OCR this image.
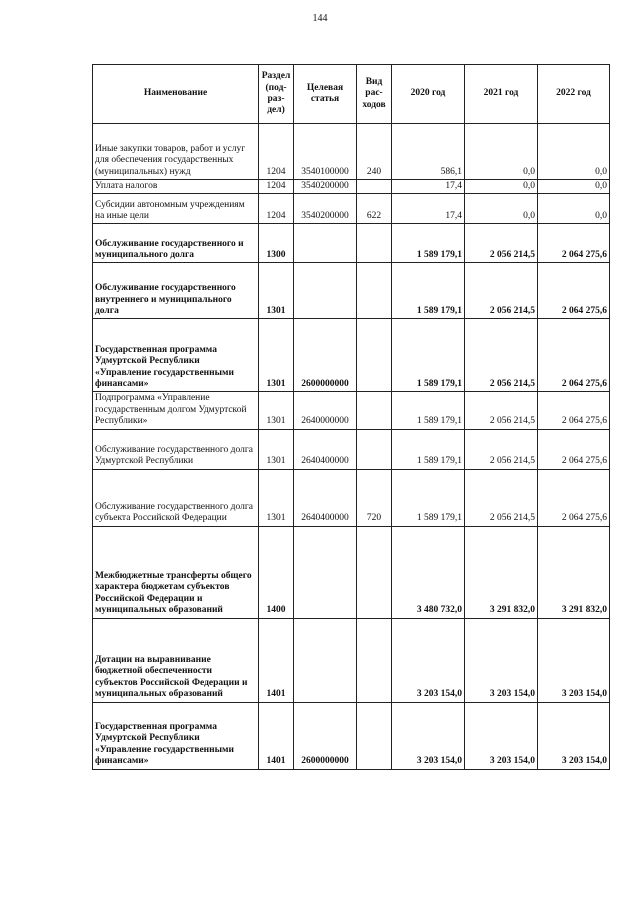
144
Наименование	Раздел (под- раз- дел)	Целевая статья	Вид рас- ходов	2020 год	2021 год	2022 год
Иные закупки товаров, работ и услуг для обеспечения государственных (муниципальных) нужд	1204	3540100000	240	586,1	0,0	0,0
Уплата налогов	1204	3540200000		17,4	0,0	0,0
Субсидии автономным учреждениям на иные цели	1204	3540200000	622	17,4	0,0	0,0
Обслуживание государственного и муниципального долга	1300			1 589 179,1	2 056 214,5	2 064 275,6
Обслуживание государственного внутреннего и муниципального долга	1301			1 589 179,1	2 056 214,5	2 064 275,6
Государственная программа Удмуртской Республики «Управление государственными финансами»	1301	2600000000		1 589 179,1	2 056 214,5	2 064 275,6
Подпрограмма «Управление государственным долгом Удмуртской Республики»	1301	2640000000		1 589 179,1	2 056 214,5	2 064 275,6
Обслуживание государственного долга Удмуртской Республики	1301	2640400000		1 589 179,1	2 056 214,5	2 064 275,6
Обслуживание государственного долга субъекта Российской Федерации	1301	2640400000	720	1 589 179,1	2 056 214,5	2 064 275,6
Межбюджетные трансферты общего характера бюджетам субъектов Российской Федерации и муниципальных образований	1400			3 480 732,0	3 291 832,0	3 291 832,0
Дотации на выравнивание бюджетной обеспеченности субъектов Российской Федерации и муниципальных образований	1401			3 203 154,0	3 203 154,0	3 203 154,0
Государственная программа Удмуртской Республики «Управление государственными финансами»	1401	2600000000		3 203 154,0	3 203 154,0	3 203 154,0
